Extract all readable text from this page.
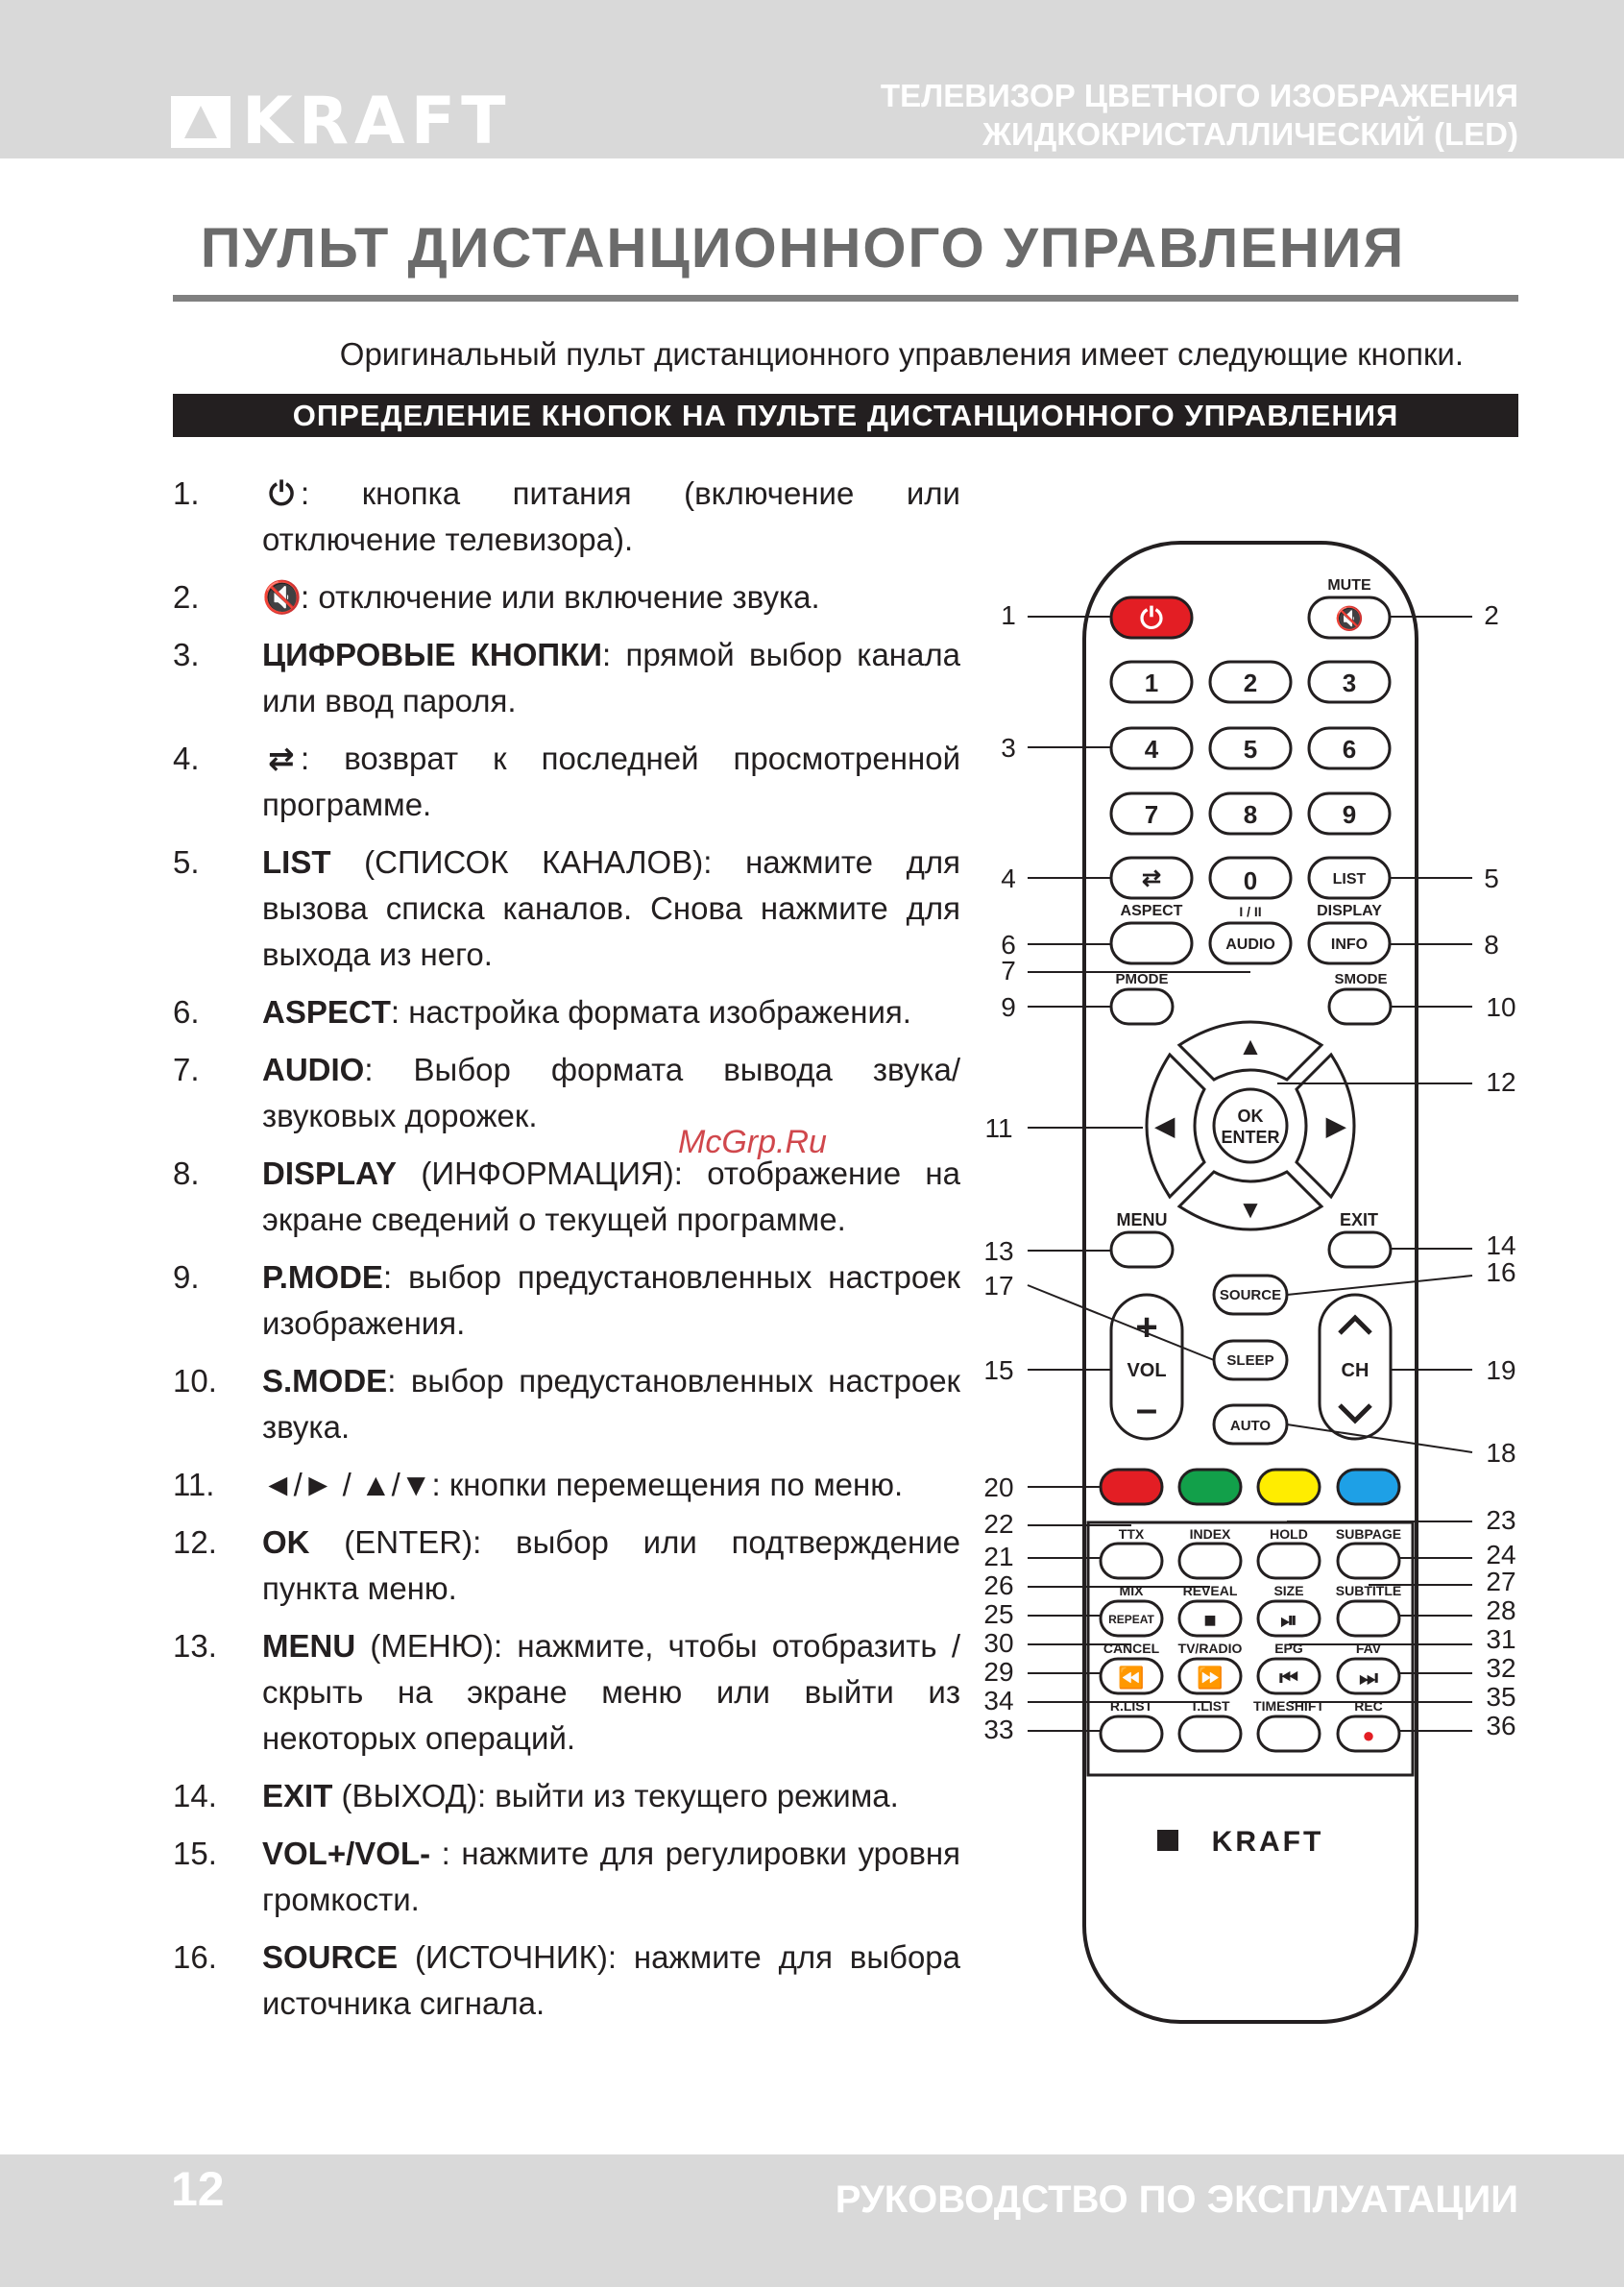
KRAFT	ТЕЛЕВИЗОР ЦВЕТНОГО ИЗОБРАЖЕНИЯ
ЖИДКОКРИСТАЛЛИЧЕСКИЙ (LED)
ПУЛЬТ ДИСТАНЦИОННОГО УПРАВЛЕНИЯ
Оригинальный пульт дистанционного управления имеет следующие кнопки.
ОПРЕДЕЛЕНИЕ КНОПОК НА ПУЛЬТЕ ДИСТАНЦИОННОГО УПРАВЛЕНИЯ
1.	⏻ : кнопка питания (включение или отключение телевизора).
2.	🔇: отключение или включение звука.
3.	ЦИФРОВЫЕ КНОПКИ: прямой выбор канала или ввод пароля.
4.	⇄ : возврат к последней просмотренной программе.
5.	LIST (СПИСОК КАНАЛОВ): нажмите для вызова списка каналов. Снова нажмите для выхода из него.
6.	ASPECT: настройка формата изображения.
7.	AUDIO: Выбор формата вывода звука/звуковых дорожек.
8.	DISPLAY (ИНФОРМАЦИЯ): отображение на экране сведений о текущей программе.
9.	P.MODE: выбор предустановленных настроек изображения.
10.	S.MODE: выбор предустановленных настроек звука.
11.	◄/► / ▲/▼: кнопки перемещения по меню.
12.	OK (ENTER): выбор или подтверждение пункта меню.
13.	MENU (МЕНЮ): нажмите, чтобы отобразить / скрыть на экране меню или выйти из некоторых операций.
14.	EXIT (ВЫХОД): выйти из текущего режима.
15.	VOL+/VOL- : нажмите для регулировки уровня громкости.
16.	SOURCE (ИСТОЧНИК): нажмите для выбора источника сигнала.
McGrp.Ru
⏻
MUTE
🔇
1	2	3
4	5	6
7	8	9
⇄	0
I / II
LIST
ASPECT
AUDIO
DISPLAY
INFO
PMODE	SMODE
▲
▼
◀	▶
OK
ENTER
MENU	EXIT
SOURCE
SLEEP
AUTO
+
VOL
–
CH
TTX	INDEX	HOLD SUBPAGE
MIX	REVEAL
■
SIZE
⏯
SUBTITLE
CANCEL
⏪
TV/RADIO
⏩
EPG
⏮
FAV
⏭
R.LIST	T.LIST TIMESHIFT REC
●
REPEAT
KRAFT
1	2
3
4	5
6
7
8
9	10
11
12
13	14
16
17
15	19
18
20
22	23
21	24
26	27
25	28
30	31
29	32
34	35
33	36
12	РУКОВОДСТВО ПО ЭКСПЛУАТАЦИИ
